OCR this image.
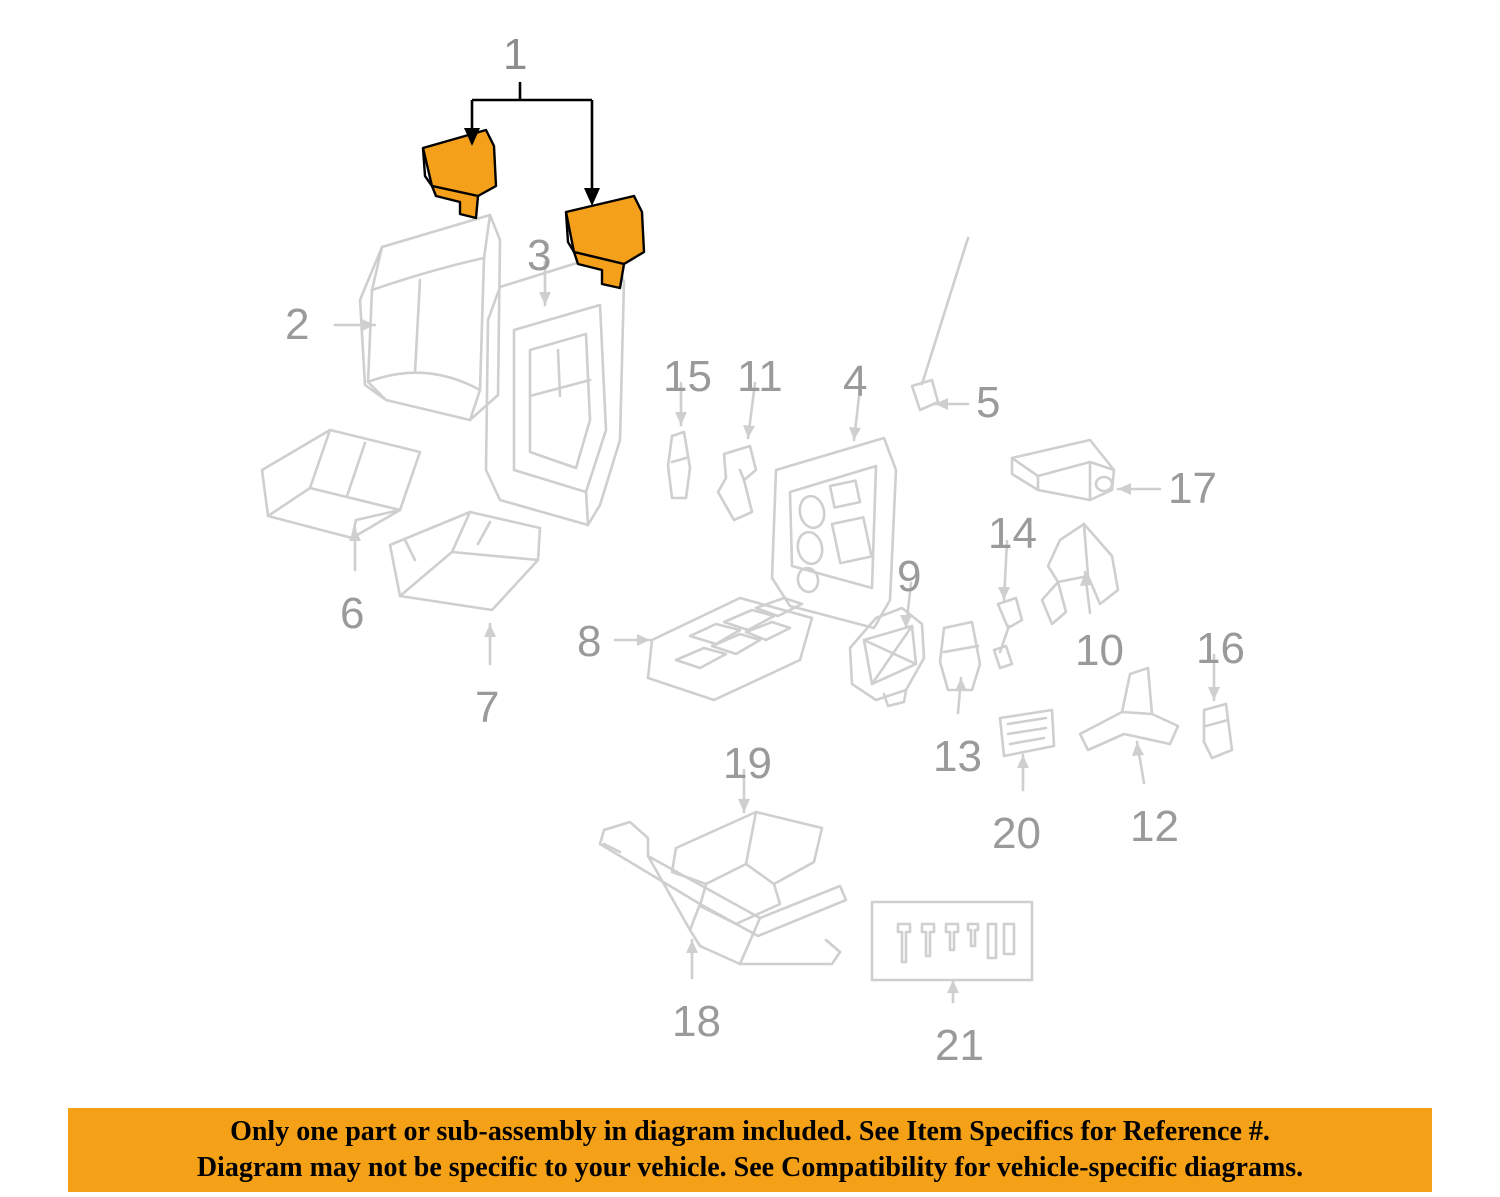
1
2
3
4 5
6
7
8
9
10
11
12
13
14
15
16
17
18
19
20
21
Only one part or sub-assembly in diagram included. See Item Specifics for Reference #.
Diagram may not be specific to your vehicle. See Compatibility for vehicle-specific diagrams.
